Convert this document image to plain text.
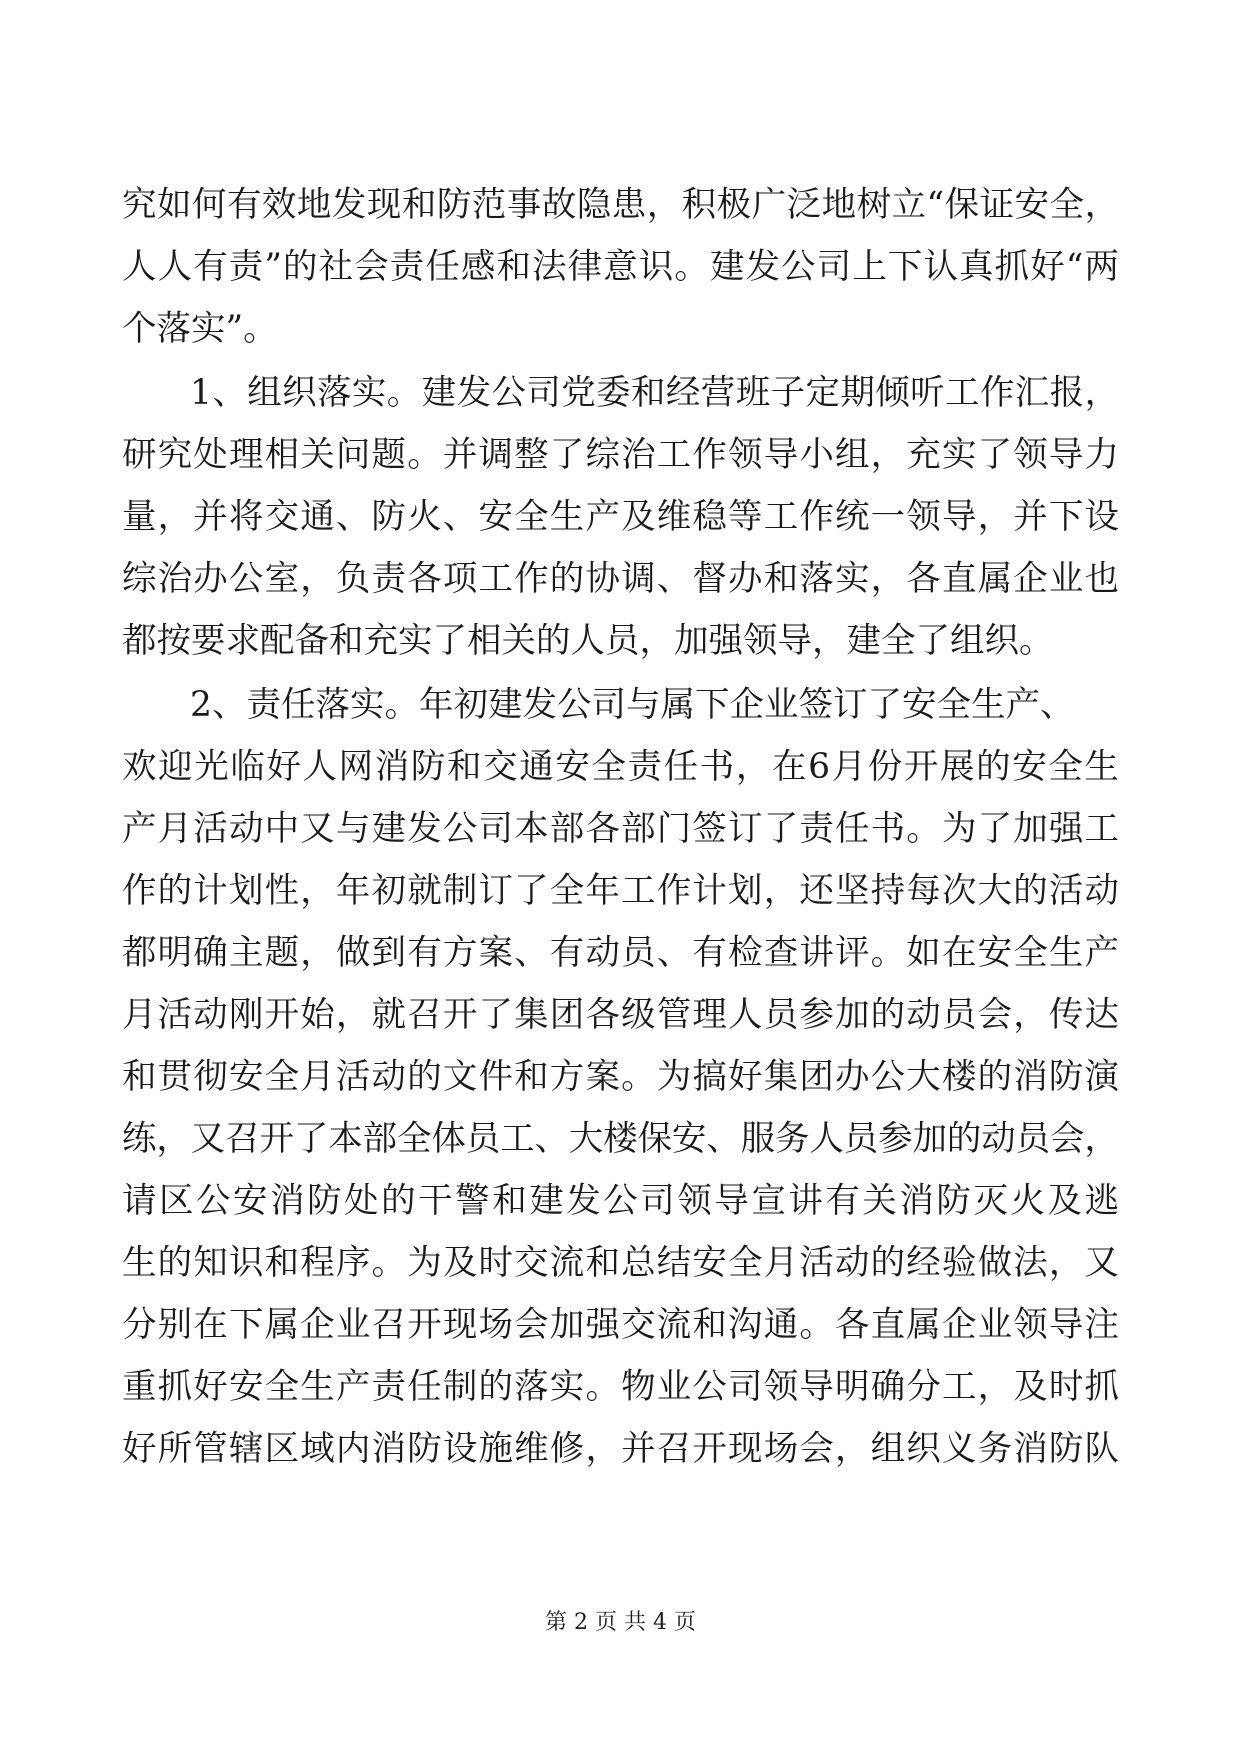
究如何有效地发现和防范事故隐患，积极广泛地树立“保证安全，
人人有责”的社会责任感和法律意识。建发公司上下认真抓好“两
个落实”。
1、组织落实。建发公司党委和经营班子定期倾听工作汇报，
研究处理相关问题。并调整了综治工作领导小组，充实了领导力
量，并将交通、防火、安全生产及维稳等工作统一领导，并下设
综治办公室，负责各项工作的协调、督办和落实，各直属企业也
都按要求配备和充实了相关的人员，加强领导，建全了组织。
2、责任落实。年初建发公司与属下企业签订了安全生产、
欢迎光临好人网消防和交通安全责任书，在6月份开展的安全生
产月活动中又与建发公司本部各部门签订了责任书。为了加强工
作的计划性，年初就制订了全年工作计划，还坚持每次大的活动
都明确主题，做到有方案、有动员、有检查讲评。如在安全生产
月活动刚开始，就召开了集团各级管理人员参加的动员会，传达
和贯彻安全月活动的文件和方案。为搞好集团办公大楼的消防演
练，又召开了本部全体员工、大楼保安、服务人员参加的动员会，
请区公安消防处的干警和建发公司领导宣讲有关消防灭火及逃
生的知识和程序。为及时交流和总结安全月活动的经验做法，又
分别在下属企业召开现场会加强交流和沟通。各直属企业领导注
重抓好安全生产责任制的落实。物业公司领导明确分工，及时抓
好所管辖区域内消防设施维修，并召开现场会，组织义务消防队
第 2 页 共 4 页
